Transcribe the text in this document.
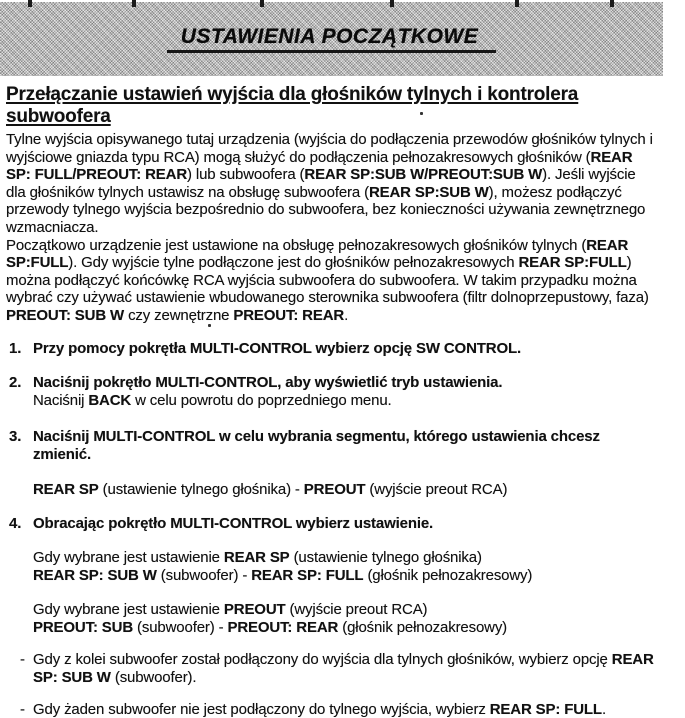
USTAWIENIA POCZĄTKOWE
Przełączanie ustawień wyjścia dla głośników tylnych i kontrolera subwoofera

Tylne wyjścia opisywanego tutaj urządzenia (wyjścia do podłączenia przewodów głośników tylnych i wyjściowe gniazda typu RCA) mogą służyć do podłączenia pełnozakresowych głośników (REAR SP: FULL/PREOUT: REAR) lub subwoofera (REAR SP:SUB W/PREOUT:SUB W). Jeśli wyjście dla głośników tylnych ustawisz na obsługę subwoofera (REAR SP:SUB W), możesz podłączyć przewody tylnego wyjścia bezpośrednio do subwoofera, bez konieczności używania zewnętrznego wzmacniacza.

Początkowo urządzenie jest ustawione na obsługę pełnozakresowych głośników tylnych (REAR SP:FULL). Gdy wyjście tylne podłączone jest do głośników pełnozakresowych REAR SP:FULL) można podłączyć końcówkę RCA wyjścia subwoofera do subwoofera. W takim przypadku można wybrać czy używać ustawienie wbudowanego sterownika subwoofera (filtr dolnoprzepustowy, faza) PREOUT: SUB W czy zewnętrzne PREOUT: REAR.

1. Przy pomocy pokrętła MULTI-CONTROL wybierz opcję SW CONTROL.
2. Naciśnij pokrętło MULTI-CONTROL, aby wyświetlić tryb ustawienia.
Naciśnij BACK w celu powrotu do poprzedniego menu.
3. Naciśnij MULTI-CONTROL w celu wybrania segmentu, którego ustawienia chcesz zmienić.
REAR SP (ustawienie tylnego głośnika) - PREOUT (wyjście preout RCA)
4. Obracając pokrętło MULTI-CONTROL wybierz ustawienie.
Gdy wybrane jest ustawienie REAR SP (ustawienie tylnego głośnika)
REAR SP: SUB W (subwoofer) - REAR SP: FULL (głośnik pełnozakresowy)
Gdy wybrane jest ustawienie PREOUT (wyjście preout RCA)
PREOUT: SUB (subwoofer) - PREOUT: REAR (głośnik pełnozakresowy)
- Gdy z kolei subwoofer został podłączony do wyjścia dla tylnych głośników, wybierz opcję REAR SP: SUB W (subwoofer).
- Gdy żaden subwoofer nie jest podłączony do tylnego wyjścia, wybierz REAR SP: FULL.
